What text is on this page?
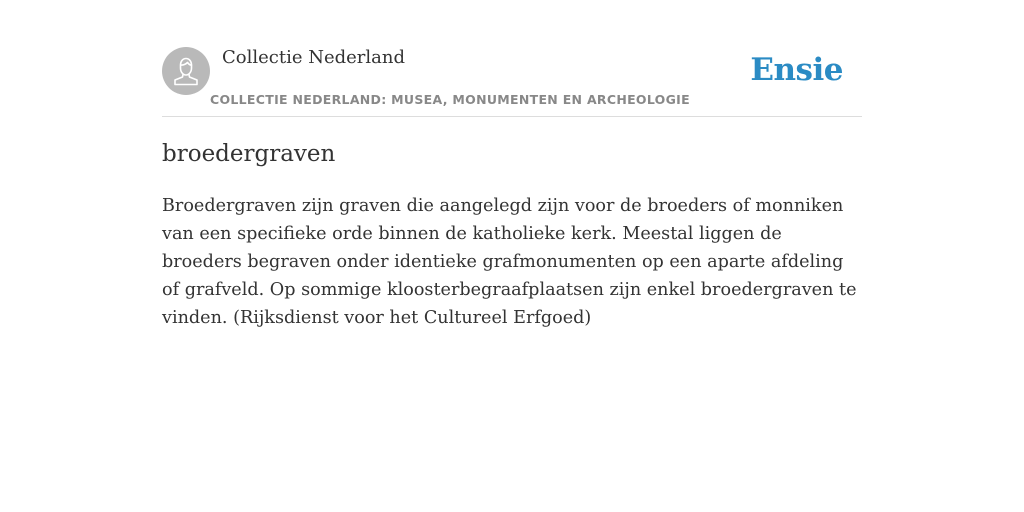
Collectie Nederland
COLLECTIE NEDERLAND: MUSEA, MONUMENTEN EN ARCHEOLOGIE
Ensie
broedergraven

Broedergraven zijn graven die aangelegd zijn voor de broeders of monniken van een specifieke orde binnen de katholieke kerk. Meestal liggen de broeders begraven onder identieke grafmonumenten op een aparte afdeling of grafveld. Op sommige kloosterbegraafplaatsen zijn enkel broedergraven te vinden. (Rijksdienst voor het Cultureel Erfgoed)
